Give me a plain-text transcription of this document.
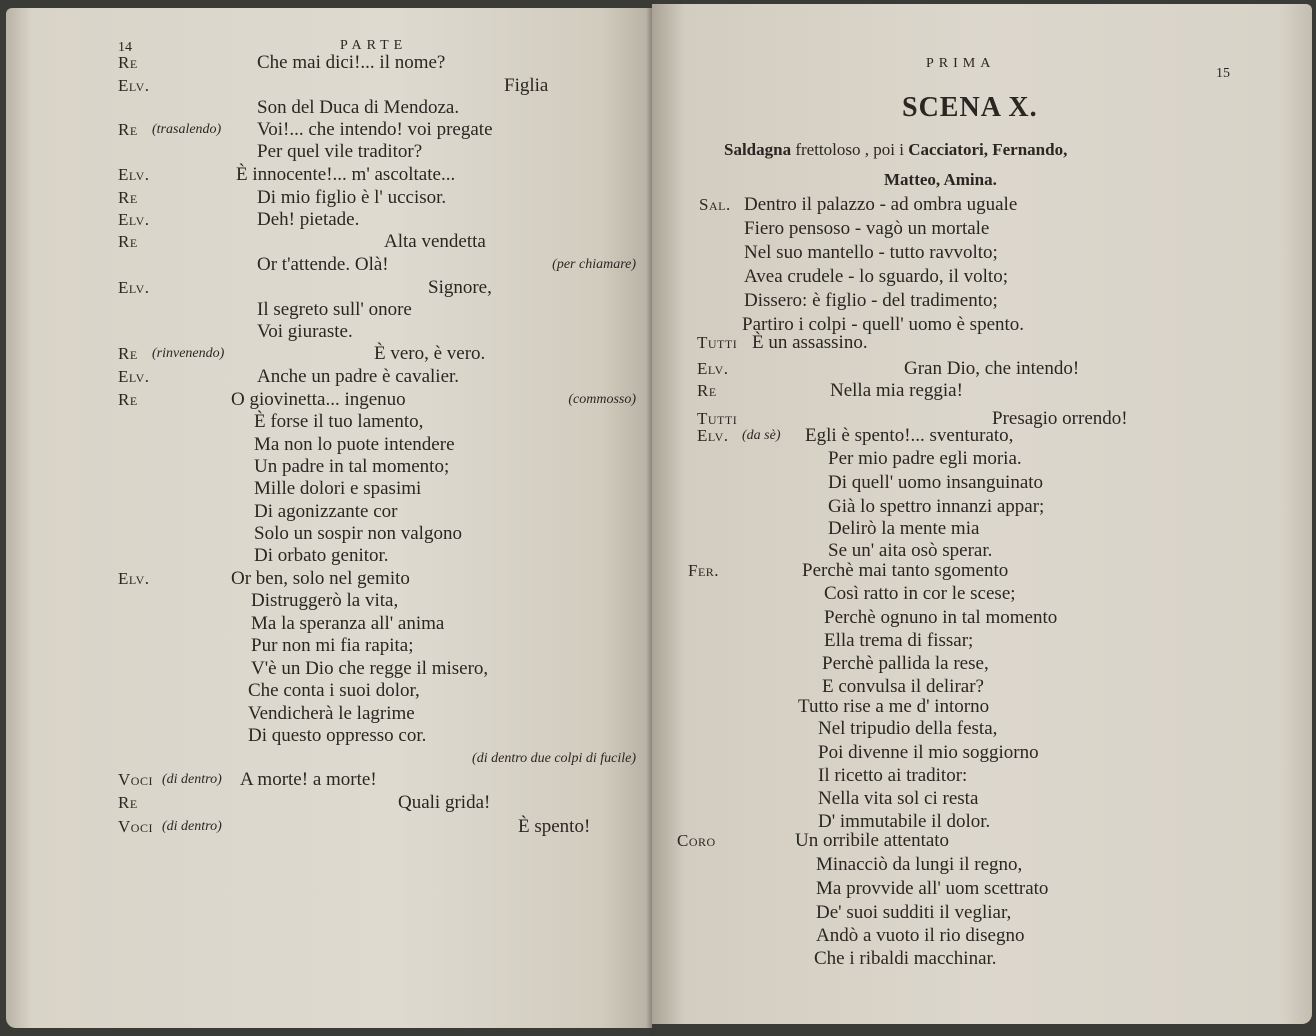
14	PARTE
Re	Che mai dici!... il nome?
Elv.	Figlia
Son del Duca di Mendoza.
Re (trasalendo) Voi!... che intendo! voi pregate
Per quel vile traditor?
Elv.	È innocente!... m' ascoltate...
Re	Di mio figlio è l' uccisor.
Elv.	Deh! pietade.
Re	Alta vendetta
Or t'attende. Olà!	(per chiamare)
Elv.	Signore,
Il segreto sull' onore
Voi giuraste.
Re (rinvenendo)	È vero, è vero.
Elv.	Anche un padre è cavalier.
Re	O giovinetta... ingenuo	(commosso)
È forse il tuo lamento,
Ma non lo puote intendere
Un padre in tal momento;
Mille dolori e spasimi
Di agonizzante cor
Solo un sospir non valgono
Di orbato genitor.
Elv.	Or ben, solo nel gemito
Distruggerò la vita,
Ma la speranza all' anima
Pur non mi fia rapita;
V'è un Dio che regge il misero,
Che conta i suoi dolor,
Vendicherà le lagrime
Di questo oppresso cor.
(di dentro due colpi di fucile)
Voci (di dentro) A morte! a morte!
Re	Quali grida!
Voci (di dentro)	È spento!
PRIMA
15
SCENA X.
Saldagna frettoloso , poi i Cacciatori, Fernando,
Matteo, Amina.
Sal. Dentro il palazzo - ad ombra uguale
Fiero pensoso - vagò un mortale
Nel suo mantello - tutto ravvolto;
Avea crudele - lo sguardo, il volto;
Dissero: è figlio - del tradimento;
Partiro i colpi - quell' uomo è spento.
Tutti È un assassino.
Elv.	Gran Dio, che intendo!
Re	Nella mia reggia!
Tutti	Presagio orrendo!
Elv. (da sè) Egli è spento!... sventurato,
Per mio padre egli moria.
Di quell' uomo insanguinato
Già lo spettro innanzi appar;
Delirò la mente mia
Se un' aita osò sperar.
Fer.	Perchè mai tanto sgomento
Così ratto in cor le scese;
Perchè ognuno in tal momento
Ella trema di fissar;
Perchè pallida la rese,
E convulsa il delirar?
Tutto rise a me d' intorno
Nel tripudio della festa,
Poi divenne il mio soggiorno
Il ricetto ai traditor:
Nella vita sol ci resta
D' immutabile il dolor.
Coro	Un orribile attentato
Minacciò da lungi il regno,
Ma provvide all' uom scettrato
De' suoi sudditi il vegliar,
Andò a vuoto il rio disegno
Che i ribaldi macchinar.
